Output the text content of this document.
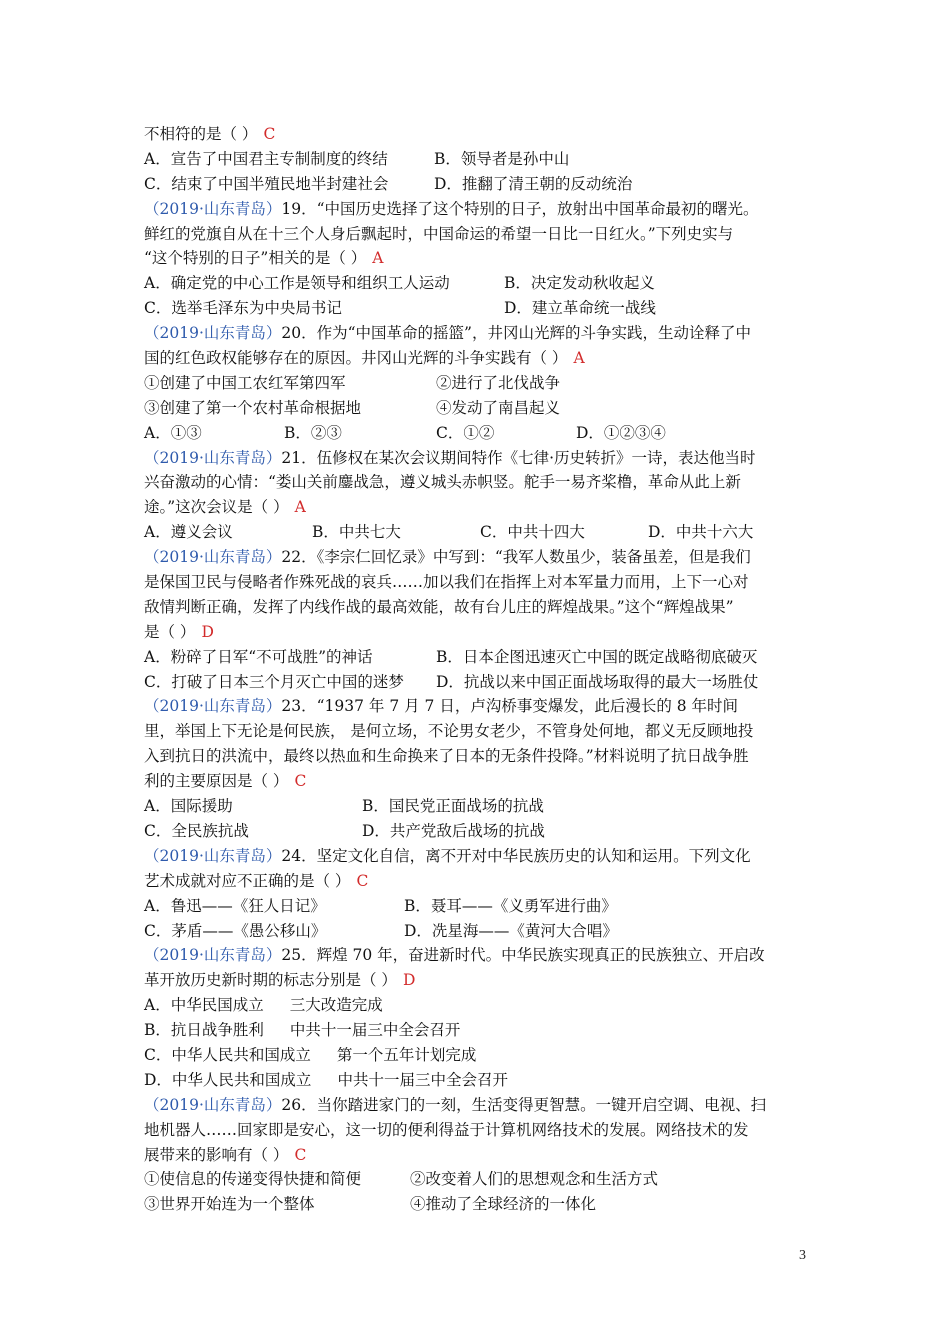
不相符的是（ ） C
A．宣告了中国君主专制制度的终结	B．领导者是孙中山
C．结束了中国半殖民地半封建社会	D．推翻了清王朝的反动统治
（2019·山东青岛）19．“中国历史选择了这个特别的日子，放射出中国革命最初的曙光。
鲜红的党旗自从在十三个人身后飘起时，中国命运的希望一日比一日红火。”下列史实与
“这个特别的日子”相关的是（ ） A
A．确定党的中心工作是领导和组织工人运动	B．决定发动秋收起义
C．选举毛泽东为中央局书记	D．建立革命统一战线
（2019·山东青岛）20．作为“中国革命的摇篮”，井冈山光辉的斗争实践，生动诠释了中
国的红色政权能够存在的原因。井冈山光辉的斗争实践有（ ） A
①创建了中国工农红军第四军	②进行了北伐战争
③创建了第一个农村革命根据地	④发动了南昌起义
A．①③	B．②③	C．①②	D．①②③④
（2019·山东青岛）21．伍修权在某次会议期间特作《七律·历史转折》一诗，表达他当时
兴奋激动的心情：“娄山关前鏖战急，遵义城头赤帜竖。舵手一易齐桨橹，革命从此上新
途。”这次会议是（ ） A
A．遵义会议	B．中共七大	C．中共十四大	D．中共十六大
（2019·山东青岛）22．《李宗仁回忆录》中写到：“我军人数虽少，装备虽差，但是我们
是保国卫民与侵略者作殊死战的哀兵……加以我们在指挥上对本军量力而用，上下一心对
敌情判断正确，发挥了内线作战的最高效能，故有台儿庄的辉煌战果。”这个“辉煌战果”
是（ ） D
A．粉碎了日军“不可战胜”的神话	B．日本企图迅速灭亡中国的既定战略彻底破灭
C．打破了日本三个月灭亡中国的迷梦 D．抗战以来中国正面战场取得的最大一场胜仗
（2019·山东青岛）23．“1937 年 7 月 7 日，卢沟桥事变爆发，此后漫长的 8 年时间
里，举国上下无论是何民族， 是何立场，不论男女老少，不管身处何地，都义无反顾地投
入到抗日的洪流中，最终以热血和生命换来了日本的无条件投降。”材料说明了抗日战争胜
利的主要原因是（ ） C
A．国际援助	B．国民党正面战场的抗战
C．全民族抗战	D．共产党敌后战场的抗战
（2019·山东青岛）24．坚定文化自信，离不开对中华民族历史的认知和运用。下列文化
艺术成就对应不正确的是（ ） C
A．鲁迅——《狂人日记》	B．聂耳——《义勇军进行曲》
C．茅盾——《愚公移山》	D．冼星海——《黄河大合唱》
（2019·山东青岛）25．辉煌 70 年，奋进新时代。中华民族实现真正的民族独立、开启改
革开放历史新时期的标志分别是（ ） D
A．中华民国成立 三大改造完成
B．抗日战争胜利 中共十一届三中全会召开
C．中华人民共和国成立 第一个五年计划完成
D．中华人民共和国成立 中共十一届三中全会召开
（2019·山东青岛）26．当你踏进家门的一刻，生活变得更智慧。一键开启空调、电视、扫
地机器人……回家即是安心，这一切的便利得益于计算机网络技术的发展。网络技术的发
展带来的影响有（ ） C
①使信息的传递变得快捷和简便	②改变着人们的思想观念和生活方式
③世界开始连为一个整体	④推动了全球经济的一体化
3
